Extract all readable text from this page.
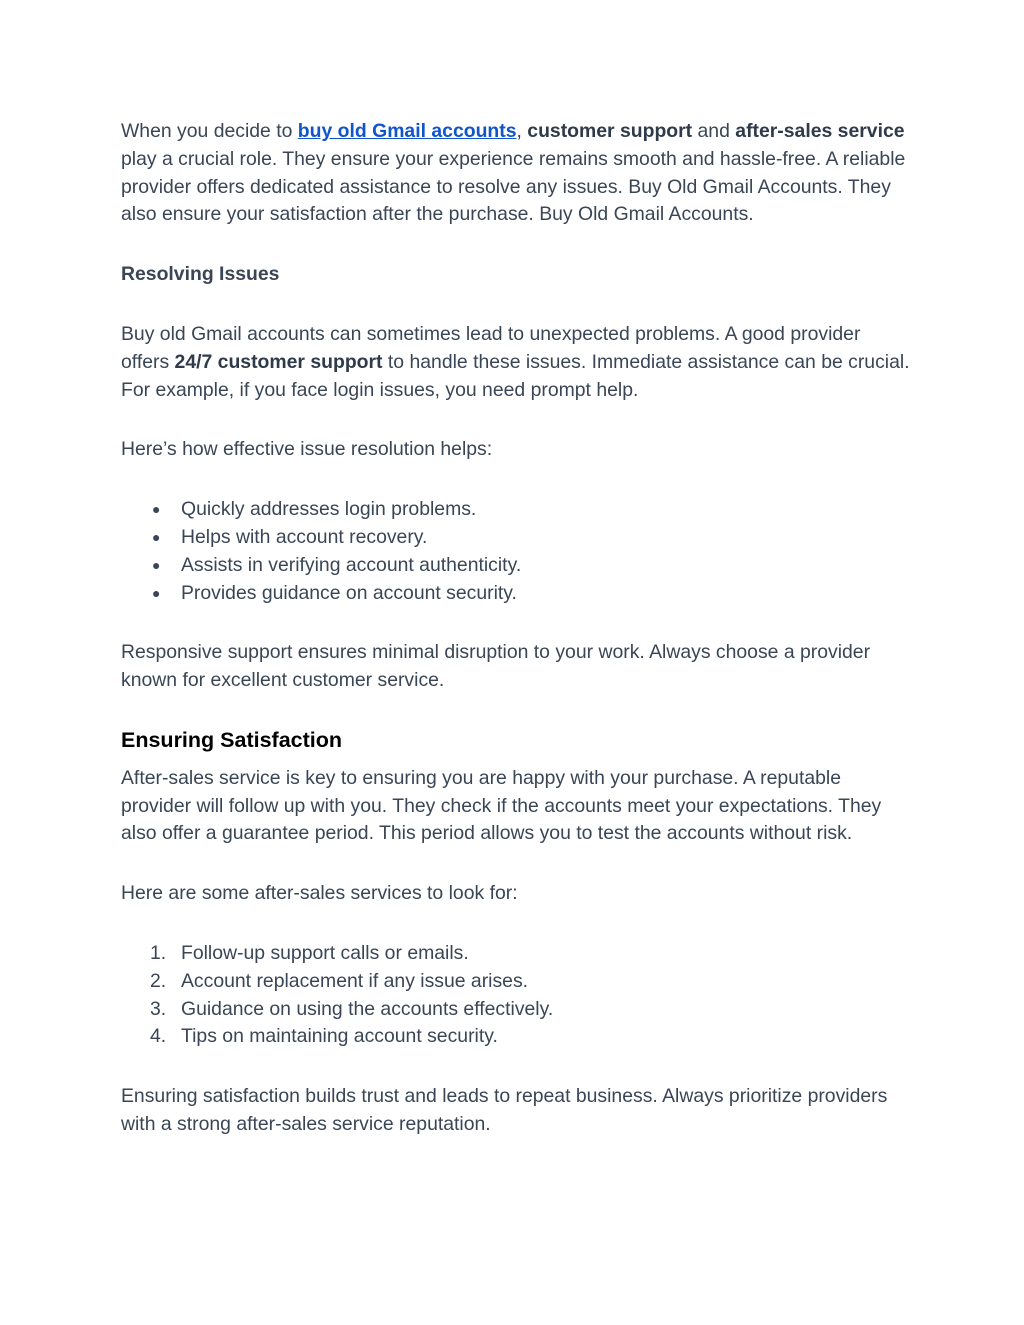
When you decide to buy old Gmail accounts, customer support and after-sales service play a crucial role. They ensure your experience remains smooth and hassle-free. A reliable provider offers dedicated assistance to resolve any issues. Buy Old Gmail Accounts. They also ensure your satisfaction after the purchase. Buy Old Gmail Accounts.

Resolving Issues

Buy old Gmail accounts can sometimes lead to unexpected problems. A good provider offers 24/7 customer support to handle these issues. Immediate assistance can be crucial. For example, if you face login issues, you need prompt help.

Here’s how effective issue resolution helps:

● Quickly addresses login problems.
● Helps with account recovery.
● Assists in verifying account authenticity.
● Provides guidance on account security.

Responsive support ensures minimal disruption to your work. Always choose a provider known for excellent customer service.

Ensuring Satisfaction

After-sales service is key to ensuring you are happy with your purchase. A reputable provider will follow up with you. They check if the accounts meet your expectations. They also offer a guarantee period. This period allows you to test the accounts without risk.

Here are some after-sales services to look for:

1. Follow-up support calls or emails.
2. Account replacement if any issue arises.
3. Guidance on using the accounts effectively.
4. Tips on maintaining account security.

Ensuring satisfaction builds trust and leads to repeat business. Always prioritize providers with a strong after-sales service reputation.
